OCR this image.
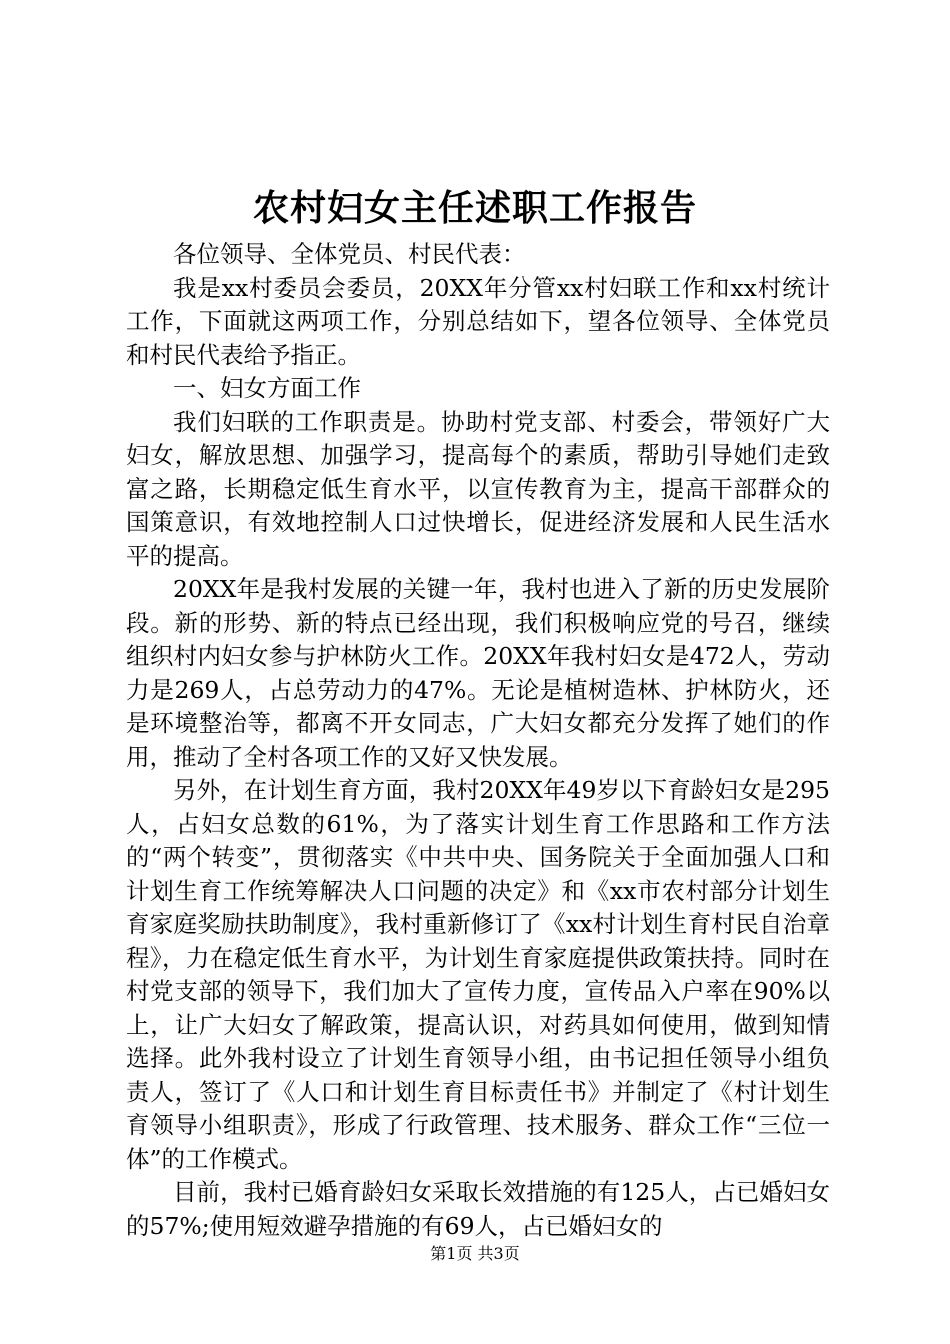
农村妇女主任述职工作报告

各位领导、全体党员、村民代表：

我是xx村委员会委员，20XX年分管xx村妇联工作和xx村统计工作，下面就这两项工作，分别总结如下，望各位领导、全体党员和村民代表给予指正。

一、妇女方面工作

我们妇联的工作职责是。协助村党支部、村委会，带领好广大妇女，解放思想、加强学习，提高每个的素质，帮助引导她们走致富之路，长期稳定低生育水平，以宣传教育为主，提高干部群众的国策意识，有效地控制人口过快增长，促进经济发展和人民生活水平的提高。

20XX年是我村发展的关键一年，我村也进入了新的历史发展阶段。新的形势、新的特点已经出现，我们积极响应党的号召，继续组织村内妇女参与护林防火工作。20XX年我村妇女是472人，劳动力是269人，占总劳动力的47%。无论是植树造林、护林防火，还是环境整治等，都离不开女同志，广大妇女都充分发挥了她们的作用，推动了全村各项工作的又好又快发展。

另外，在计划生育方面，我村20XX年49岁以下育龄妇女是295人，占妇女总数的61%，为了落实计划生育工作思路和工作方法的“两个转变”，贯彻落实《中共中央、国务院关于全面加强人口和计划生育工作统筹解决人口问题的决定》和《xx市农村部分计划生育家庭奖励扶助制度》，我村重新修订了《xx村计划生育村民自治章程》，力在稳定低生育水平，为计划生育家庭提供政策扶持。同时在村党支部的领导下，我们加大了宣传力度，宣传品入户率在90%以上，让广大妇女了解政策，提高认识，对药具如何使用，做到知情选择。此外我村设立了计划生育领导小组，由书记担任领导小组负责人，签订了《人口和计划生育目标责任书》并制定了《村计划生育领导小组职责》，形成了行政管理、技术服务、群众工作“三位一体”的工作模式。

目前，我村已婚育龄妇女采取长效措施的有125人，占已婚妇女的57%;使用短效避孕措施的有69人，占已婚妇女的

第1页 共3页
